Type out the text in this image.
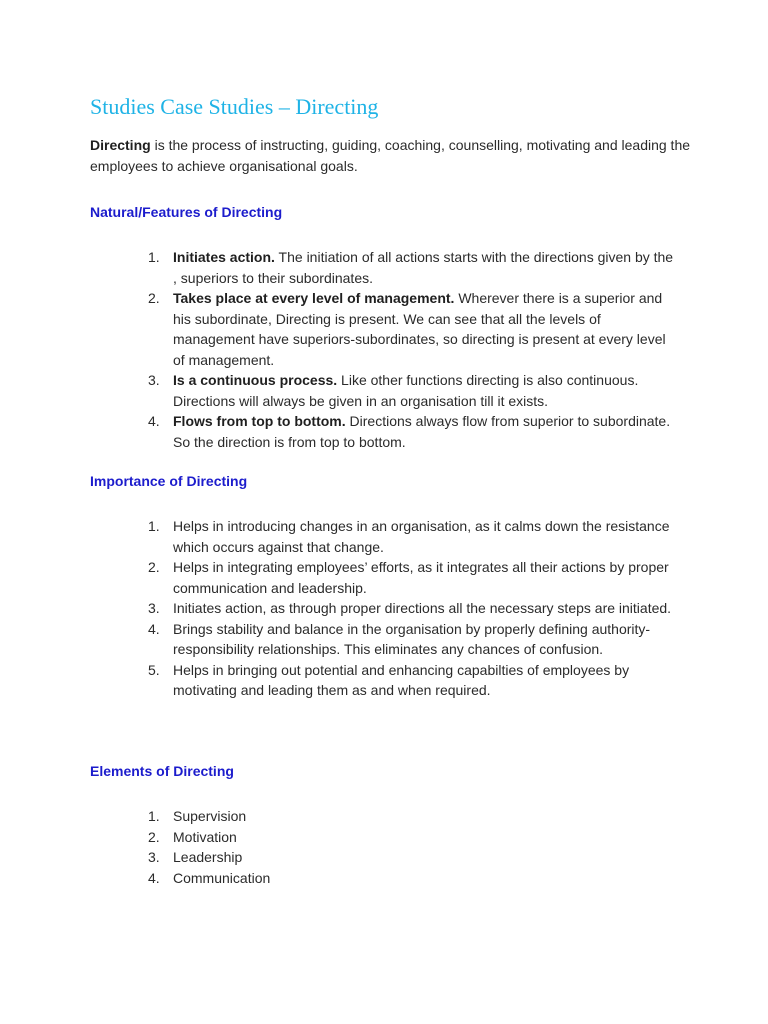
Studies Case Studies – Directing

Directing is the process of instructing, guiding, coaching, counselling, motivating and leading the employees to achieve organisational goals.

Natural/Features of Directing
1. Initiates action. The initiation of all actions starts with the directions given by the , superiors to their subordinates.
2. Takes place at every level of management. Wherever there is a superior and his subordinate, Directing is present. We can see that all the levels of management have superiors-subordinates, so directing is present at every level of management.
3. Is a continuous process. Like other functions directing is also continuous. Directions will always be given in an organisation till it exists.
4. Flows from top to bottom. Directions always flow from superior to subordinate. So the direction is from top to bottom.
Importance of Directing
1. Helps in introducing changes in an organisation, as it calms down the resistance which occurs against that change.
2. Helps in integrating employees’ efforts, as it integrates all their actions by proper communication and leadership.
3. Initiates action, as through proper directions all the necessary steps are initiated.
4. Brings stability and balance in the organisation by properly defining authority- responsibility relationships. This eliminates any chances of confusion.
5. Helps in bringing out potential and enhancing capabilties of employees by motivating and leading them as and when required.
Elements of Directing
1. Supervision
2. Motivation
3. Leadership
4. Communication
